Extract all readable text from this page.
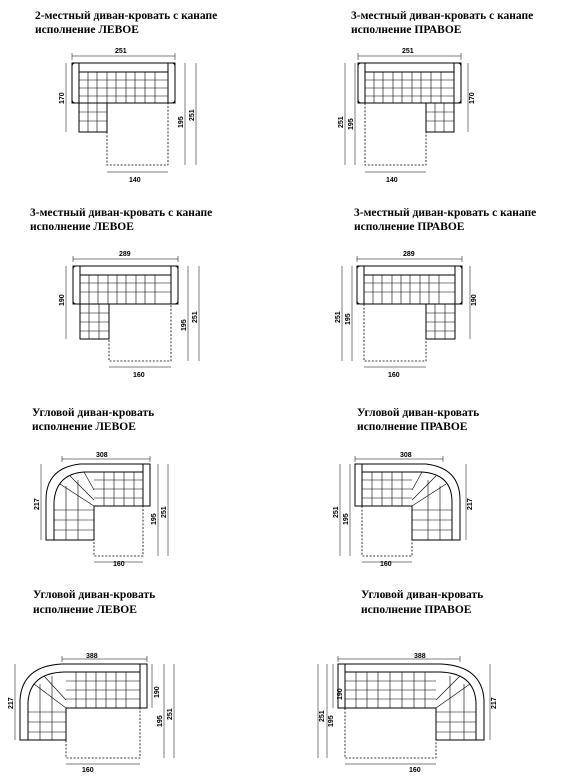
2-местный диван-кровать с канапе
исполнение ЛЕВОЕ
251
170
195
251
140
3-местный диван-кровать с канапе
исполнение ПРАВОЕ
251
170
251 195
140
3-местный диван-кровать с канапе
исполнение ЛЕВОЕ
289
190
195
251
160
3-местный диван-кровать с канапе
исполнение ПРАВОЕ
289
190
251 195
160
Угловой диван-кровать
исполнение ЛЕВОЕ
308
217
195
251
160
Угловой диван-кровать
исполнение ПРАВОЕ
308
217
251
195
160
Угловой диван-кровать
исполнение ЛЕВОЕ
388
217
190
195
251
160
Угловой диван-кровать
исполнение ПРАВОЕ
388
217
190
251 195
160
